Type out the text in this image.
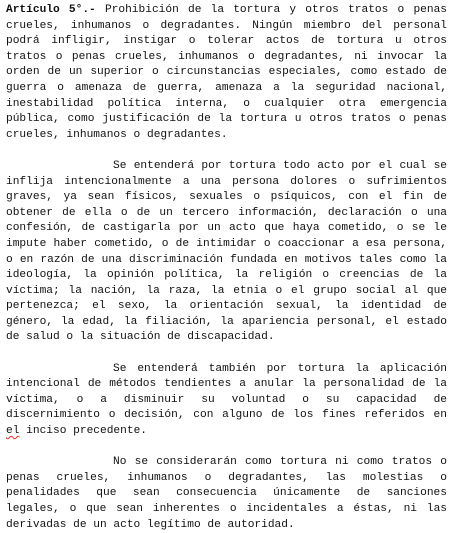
Artículo 5°.- Prohibición de la tortura y otros tratos o penas crueles, inhumanos o degradantes. Ningún miembro del personal podrá infligir, instigar o tolerar actos de tortura u otros tratos o penas crueles, inhumanos o degradantes, ni invocar la orden de un superior o circunstancias especiales, como estado de guerra o amenaza de guerra, amenaza a la seguridad nacional, inestabilidad política interna, o cualquier otra emergencia pública, como justificación de la tortura u otros tratos o penas crueles, inhumanos o degradantes.

Se entenderá por tortura todo acto por el cual se inflija intencionalmente a una persona dolores o sufrimientos graves, ya sean físicos, sexuales o psíquicos, con el fin de obtener de ella o de un tercero información, declaración o una confesión, de castigarla por un acto que haya cometido, o se le impute haber cometido, o de intimidar o coaccionar a esa persona, o en razón de una discriminación fundada en motivos tales como la ideología, la opinión política, la religión o creencias de la víctima; la nación, la raza, la etnia o el grupo social al que pertenezca; el sexo, la orientación sexual, la identidad de género, la edad, la filiación, la apariencia personal, el estado de salud o la situación de discapacidad.

Se entenderá también por tortura la aplicación intencional de métodos tendientes a anular la personalidad de la víctima, o a disminuir su voluntad o su capacidad de discernimiento o decisión, con alguno de los fines referidos en el inciso precedente.

No se considerarán como tortura ni como tratos o penas crueles, inhumanos o degradantes, las molestias o penalidades que sean consecuencia únicamente de sanciones legales, o que sean inherentes o incidentales a éstas, ni las derivadas de un acto legítimo de autoridad.
